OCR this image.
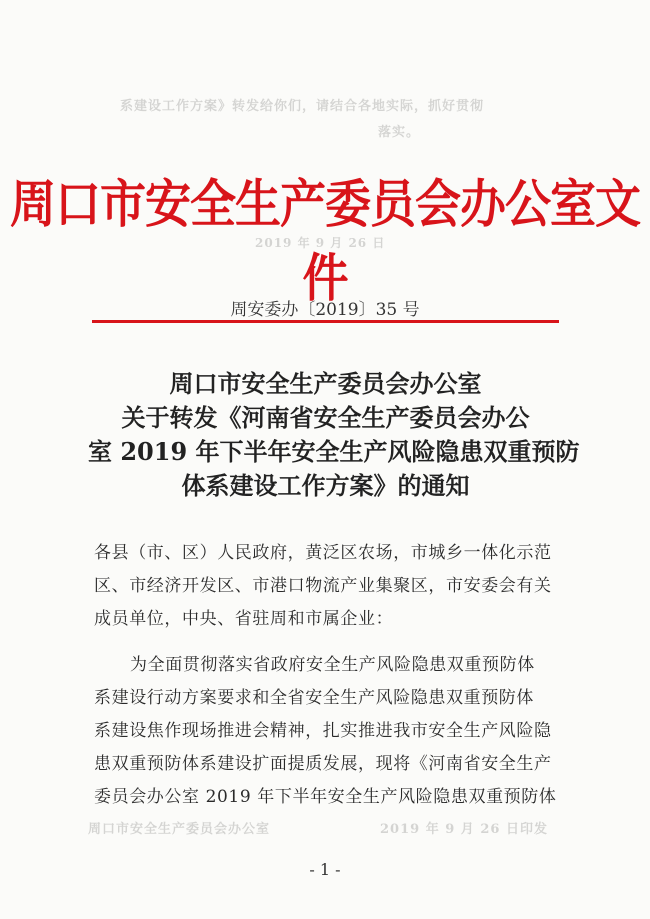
系建设工作方案》转发给你们，请结合各地实际，抓好贯彻
落实。
2019 年 9 月 26 日
周口市安全生产委员会办公室	2019 年 9 月 26 日印发
周口市安全生产委员会办公室文件
周安委办〔2019〕35 号
周口市安全生产委员会办公室
关于转发《河南省安全生产委员会办公
室 2019 年下半年安全生产风险隐患双重预防
体系建设工作方案》的通知
各县（市、区）人民政府，黄泛区农场，市城乡一体化示范
区、市经济开发区、市港口物流产业集聚区，市安委会有关
成员单位，中央、省驻周和市属企业：
为全面贯彻落实省政府安全生产风险隐患双重预防体
系建设行动方案要求和全省安全生产风险隐患双重预防体
系建设焦作现场推进会精神，扎实推进我市安全生产风险隐
患双重预防体系建设扩面提质发展，现将《河南省安全生产
委员会办公室 2019 年下半年安全生产风险隐患双重预防体
- 1 -
